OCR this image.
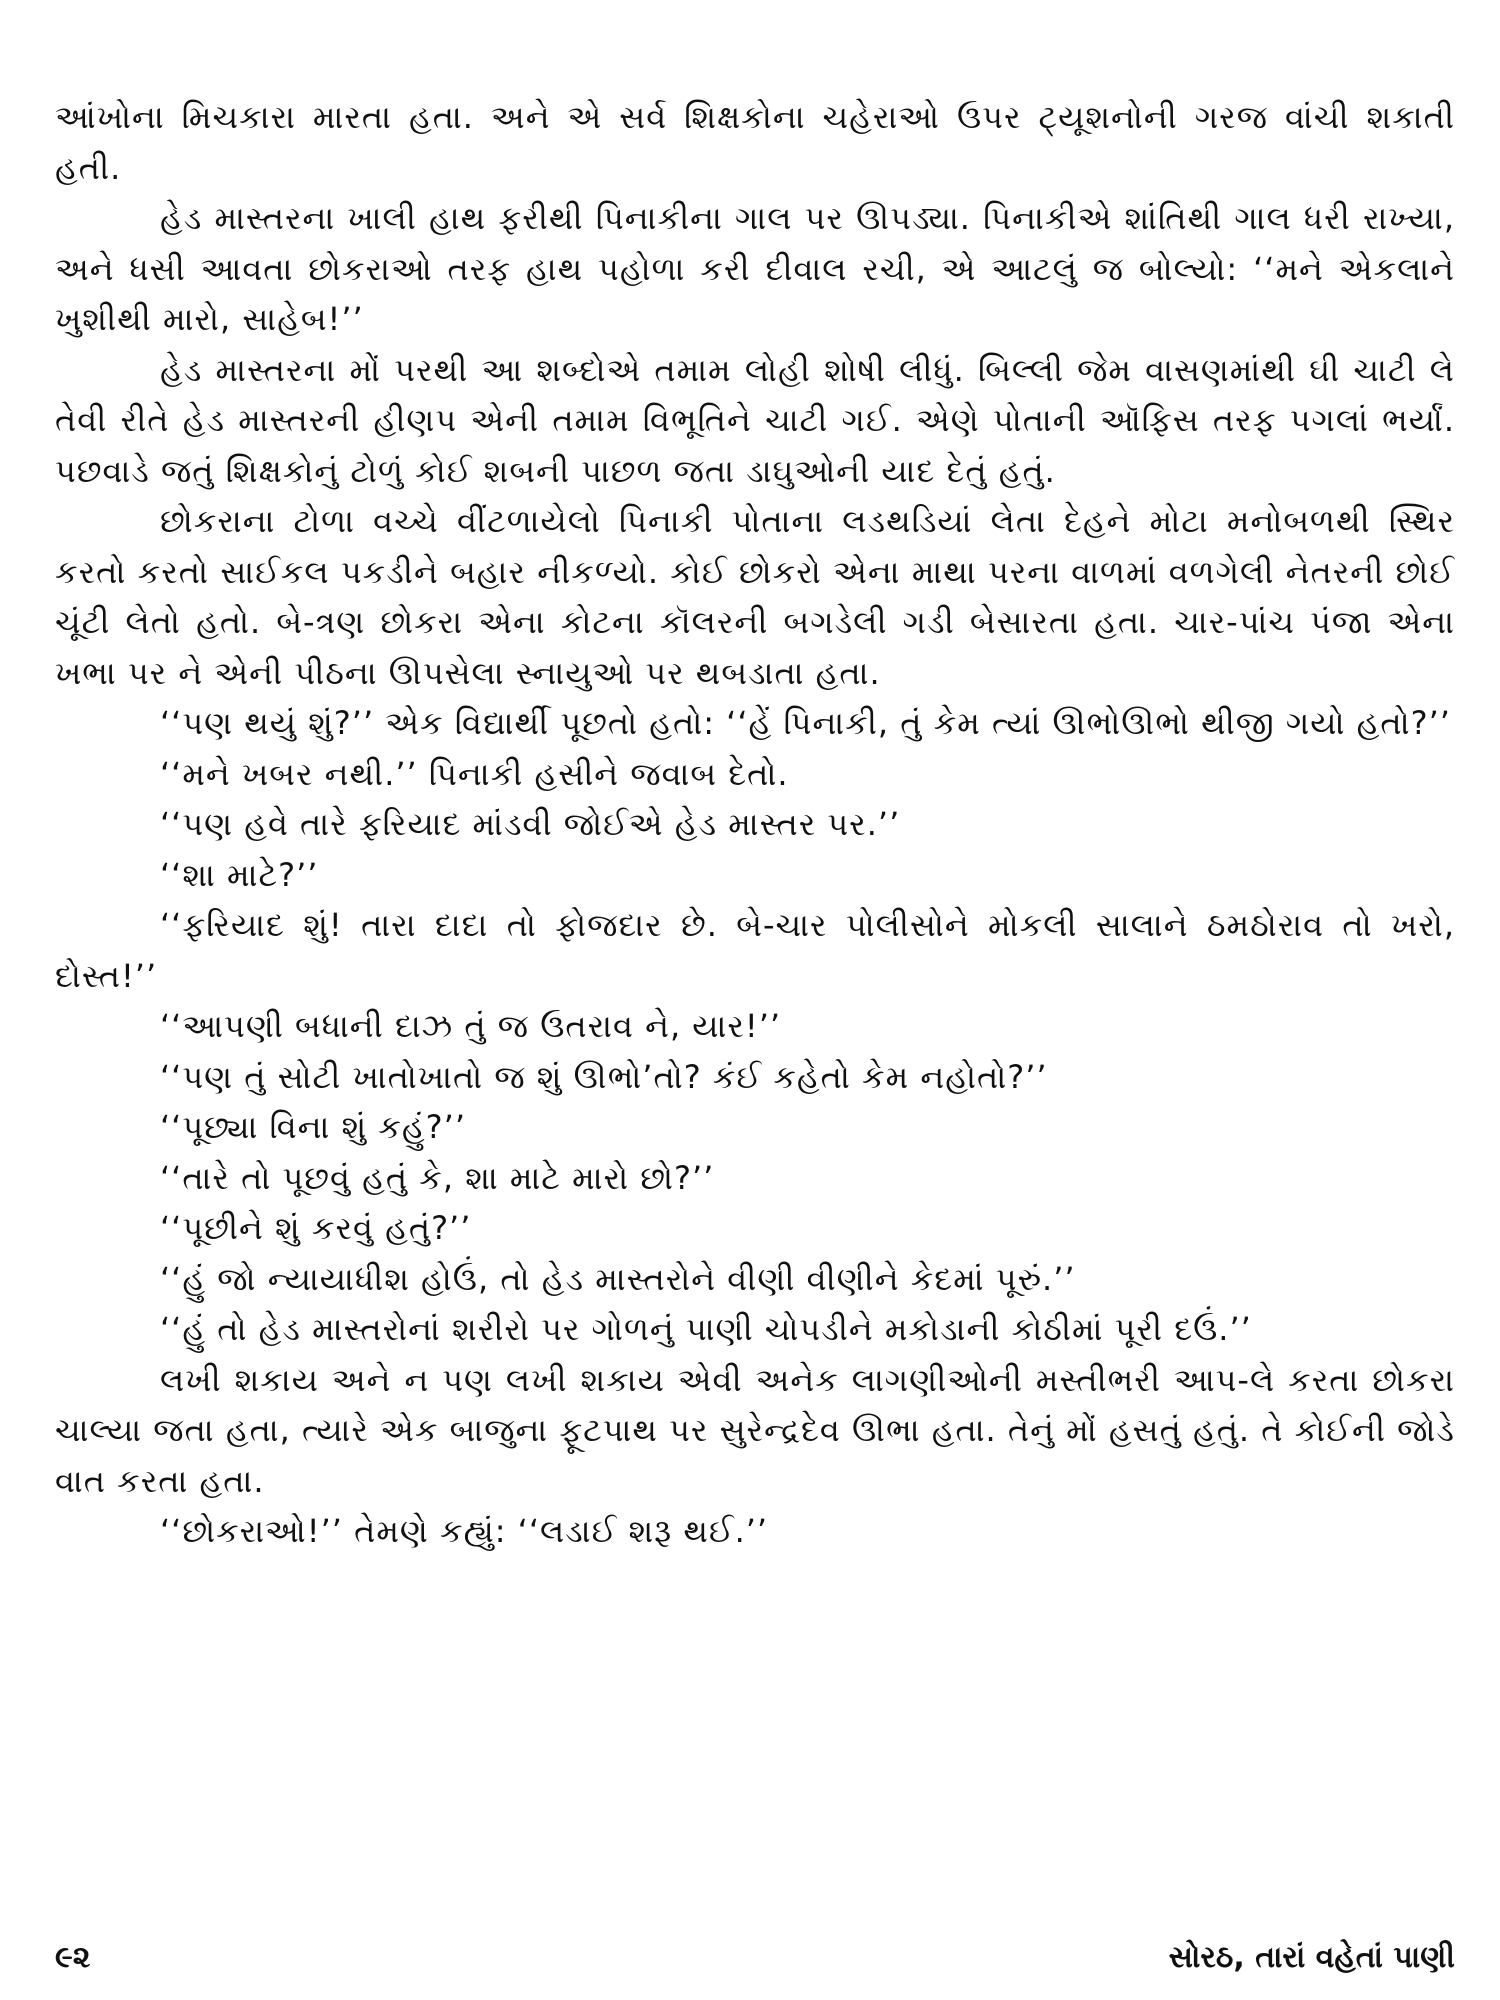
આંખોના મિચકારા મારતા હતા. અને એ સર્વ શિક્ષકોના ચહેરાઓ ઉપર ટ્યૂશનોની ગરજ વાંચી શકાતી હતી.

હેડ માસ્તરના ખાલી હાથ ફરીથી પિનાકીના ગાલ પર ઊપડ્યા. પિનાકીએ શાંતિથી ગાલ ધરી રાખ્યા, અને ધસી આવતા છોકરાઓ તરફ હાથ પહોળા કરી દીવાલ રચી, એ આટલું જ બોલ્યો: ‘‘મને એકલાને ખુશીથી મારો, સાહેબ!’’

હેડ માસ્તરના મોં પરથી આ શબ્દોએ તમામ લોહી શોષી લીધું. બિલ્લી જેમ વાસણમાંથી ઘી ચાટી લે તેવી રીતે હેડ માસ્તરની હીણપ એની તમામ વિભૂતિને ચાટી ગઈ. એણે પોતાની ઑફિસ તરફ પગલાં ભર્યાં. પછવાડે જતું શિક્ષકોનું ટોળું કોઈ શબની પાછળ જતા ડાઘુઓની યાદ દેતું હતું.

છોકરાના ટોળા વચ્ચે વીંટળાયેલો પિનાકી પોતાના લડથડિયાં લેતા દેહને મોટા મનોબળથી સ્થિર કરતો કરતો સાઈકલ પકડીને બહાર નીકળ્યો. કોઈ છોકરો એના માથા પરના વાળમાં વળગેલી નેતરની છોઈ ચૂંટી લેતો હતો. બે-ત્રણ છોકરા એના કોટના કૉલરની બગડેલી ગડી બેસારતા હતા. ચાર-પાંચ પંજા એના ખભા પર ને એની પીઠના ઊપસેલા સ્નાયુઓ પર થબડાતા હતા.

‘‘પણ થયું શું?’’ એક વિદ્યાર્થી પૂછતો હતો: ‘‘હેં પિનાકી, તું કેમ ત્યાં ઊભોઊભો થીજી ગયો હતો?’’

‘‘મને ખબર નથી.’’ પિનાકી હસીને જવાબ દેતો.

‘‘પણ હવે તારે ફરિયાદ માંડવી જોઈએ હેડ માસ્તર પર.’’

‘‘શા માટે?’’

‘‘ફરિયાદ શું! તારા દાદા તો ફોજદાર છે. બે-ચાર પોલીસોને મોકલી સાલાને ઠમઠોરાવ તો ખરો, દોસ્ત!’’

‘‘આપણી બધાની દાઝ તું જ ઉતરાવ ને, યાર!’’

‘‘પણ તું સોટી ખાતોખાતો જ શું ઊભો’તો? કંઈ કહેતો કેમ નહોતો?’’

‘‘પૂછ્યા વિના શું કહું?’’

‘‘તારે તો પૂછવું હતું કે, શા માટે મારો છો?’’

‘‘પૂછીને શું કરવું હતું?’’

‘‘હું જો ન્યાયાધીશ હોઉં, તો હેડ માસ્તરોને વીણી વીણીને કેદમાં પૂરું.’’

‘‘હું તો હેડ માસ્તરોનાં શરીરો પર ગોળનું પાણી ચોપડીને મકોડાની કોઠીમાં પૂરી દઉં.’’

લખી શકાય અને ન પણ લખી શકાય એવી અનેક લાગણીઓની મસ્તીભરી આપ-લે કરતા છોકરા ચાલ્યા જતા હતા, ત્યારે એક બાજુના ફૂટપાથ પર સુરેન્દ્રદેવ ઊભા હતા. તેનું મોં હસતું હતું. તે કોઈની જોડે વાત કરતા હતા.

‘‘છોકરાઓ!’’ તેમણે કહ્યું: ‘‘લડાઈ શરૂ થઈ.’’

૯૨	સોરઠ, તારાં વહેતાં પાણી
